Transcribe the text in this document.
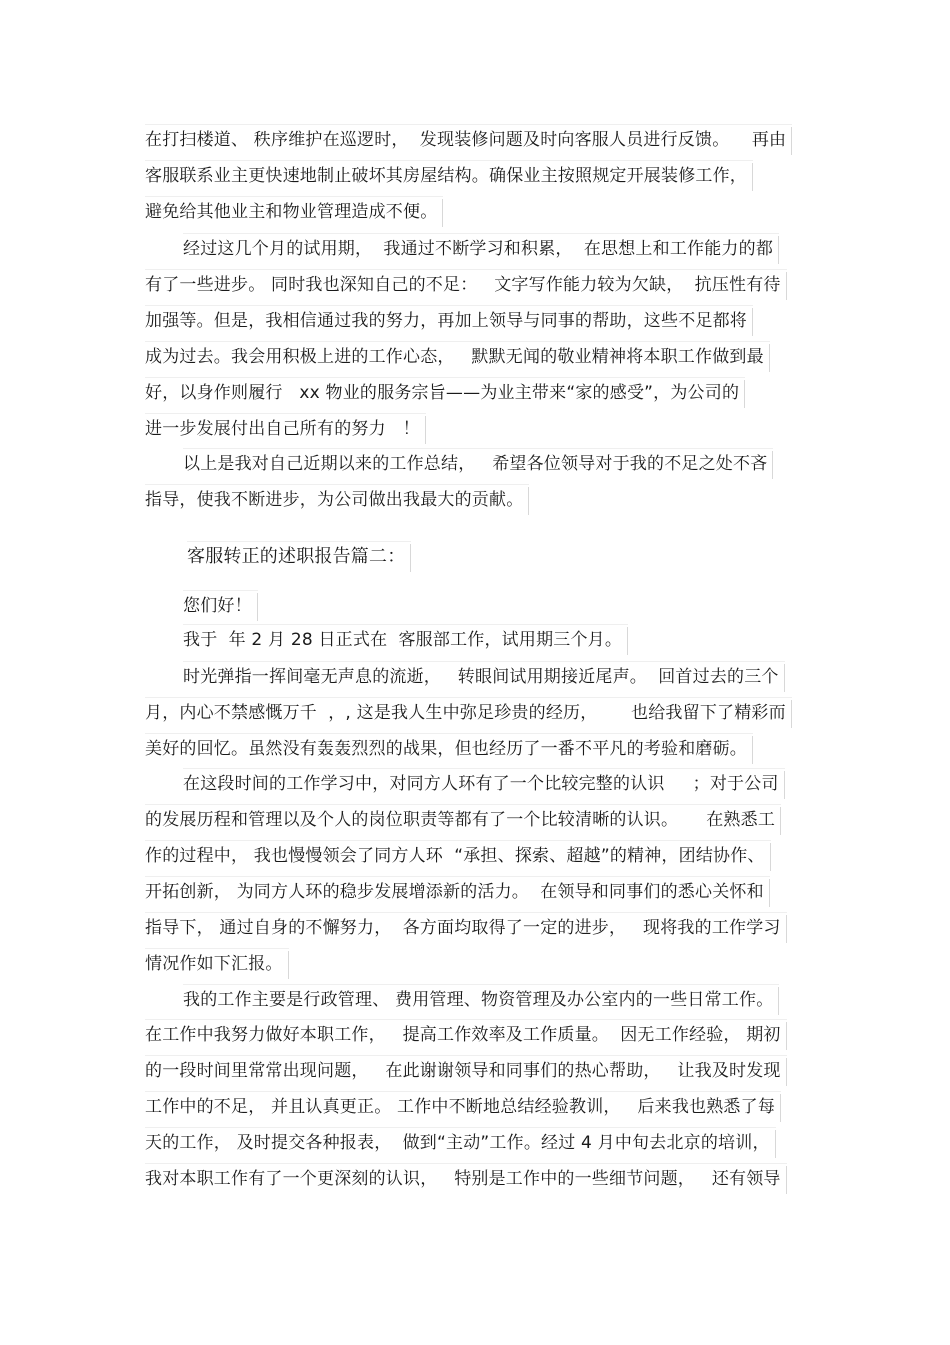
在打扫楼道、 秩序维护在巡逻时，  发现装修问题及时向客服人员进行反馈。    再由
客服联系业主更快速地制止破坏其房屋结构。确保业主按照规定开展装修工作，
避免给其他业主和物业管理造成不便。
经过这几个月的试用期，  我通过不断学习和积累，  在思想上和工作能力的都
有了一些进步。 同时我也深知自己的不足：   文字写作能力较为欠缺，  抗压性有待
加强等。但是，我相信通过我的努力，再加上领导与同事的帮助，这些不足都将
成为过去。我会用积极上进的工作心态，   默默无闻的敬业精神将本职工作做到最
好，以身作则履行   xx 物业的服务宗旨——为业主带来“家的感受”，为公司的
进一步发展付出自己所有的努力   ！
以上是我对自己近期以来的工作总结，   希望各位领导对于我的不足之处不吝
指导，使我不断进步，为公司做出我最大的贡献。
客服转正的述职报告篇二：
您们好！
我于  年 2 月 28 日正式在  客服部工作，试用期三个月。
时光弹指一挥间毫无声息的流逝，   转眼间试用期接近尾声。  回首过去的三个
月，内心不禁感慨万千  ，, 这是我人生中弥足珍贵的经历，      也给我留下了精彩而
美好的回忆。虽然没有轰轰烈烈的战果，但也经历了一番不平凡的考验和磨砺。
在这段时间的工作学习中，对同方人环有了一个比较完整的认识     ；对于公司
的发展历程和管理以及个人的岗位职责等都有了一个比较清晰的认识。     在熟悉工
作的过程中， 我也慢慢领会了同方人环  “承担、探索、超越”的精神，团结协作、
开拓创新， 为同方人环的稳步发展增添新的活力。  在领导和同事们的悉心关怀和
指导下， 通过自身的不懈努力，  各方面均取得了一定的进步，   现将我的工作学习
情况作如下汇报。
我的工作主要是行政管理、 费用管理、物资管理及办公室内的一些日常工作。
在工作中我努力做好本职工作，   提高工作效率及工作质量。  因无工作经验， 期初
的一段时间里常常出现问题，   在此谢谢领导和同事们的热心帮助，   让我及时发现
工作中的不足， 并且认真更正。 工作中不断地总结经验教训，   后来我也熟悉了每
天的工作， 及时提交各种报表，  做到“主动”工作。经过 4 月中旬去北京的培训，
我对本职工作有了一个更深刻的认识，   特别是工作中的一些细节问题，   还有领导
